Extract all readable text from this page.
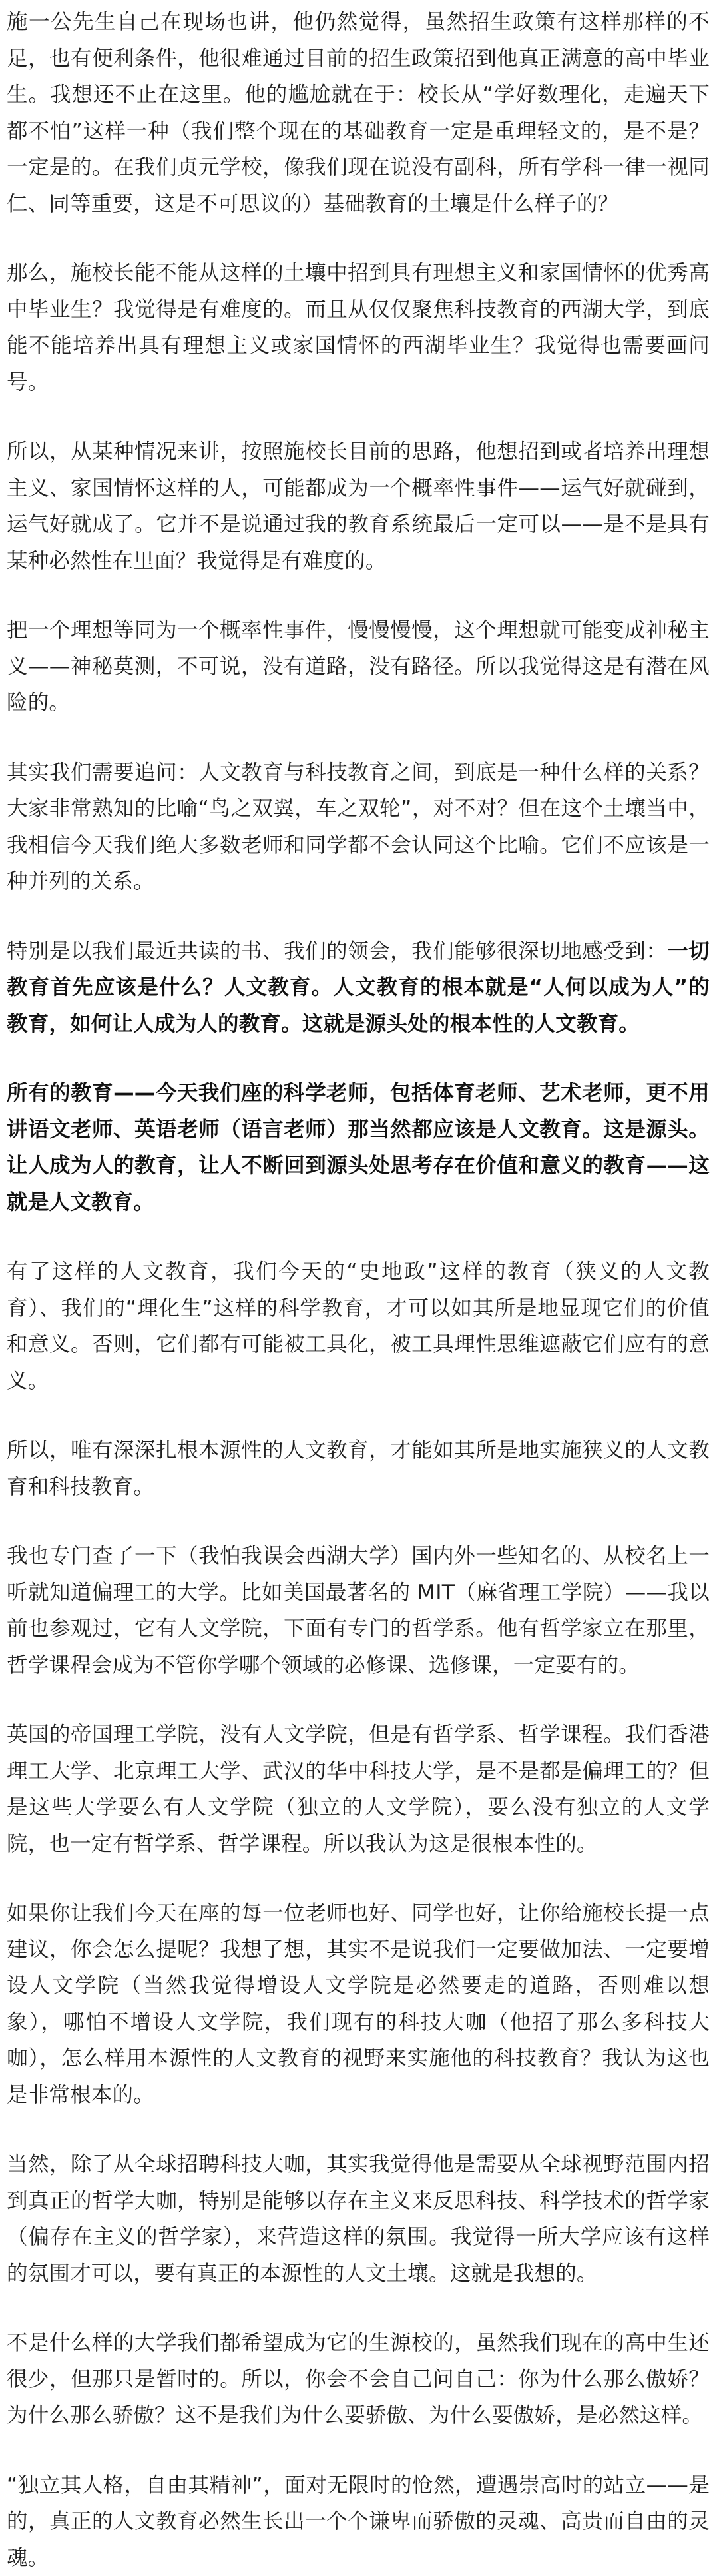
施一公先生自己在现场也讲，他仍然觉得，虽然招生政策有这样那样的不足，也有便利条件，他很难通过目前的招生政策招到他真正满意的高中毕业生。我想还不止在这里。他的尴尬就在于：校长从“学好数理化，走遍天下都不怕”这样一种（我们整个现在的基础教育一定是重理轻文的，是不是？一定是的。在我们贞元学校，像我们现在说没有副科，所有学科一律一视同仁、同等重要，这是不可思议的）基础教育的土壤是什么样子的？

那么，施校长能不能从这样的土壤中招到具有理想主义和家国情怀的优秀高中毕业生？我觉得是有难度的。而且从仅仅聚焦科技教育的西湖大学，到底能不能培养出具有理想主义或家国情怀的西湖毕业生？我觉得也需要画问号。

所以，从某种情况来讲，按照施校长目前的思路，他想招到或者培养出理想主义、家国情怀这样的人，可能都成为一个概率性事件——运气好就碰到，运气好就成了。它并不是说通过我的教育系统最后一定可以——是不是具有某种必然性在里面？我觉得是有难度的。

把一个理想等同为一个概率性事件，慢慢慢慢，这个理想就可能变成神秘主义——神秘莫测，不可说，没有道路，没有路径。所以我觉得这是有潜在风险的。

其实我们需要追问：人文教育与科技教育之间，到底是一种什么样的关系？大家非常熟知的比喻“鸟之双翼，车之双轮”，对不对？但在这个土壤当中，我相信今天我们绝大多数老师和同学都不会认同这个比喻。它们不应该是一种并列的关系。

特别是以我们最近共读的书、我们的领会，我们能够很深切地感受到：一切教育首先应该是什么？人文教育。人文教育的根本就是“人何以成为人”的教育，如何让人成为人的教育。这就是源头处的根本性的人文教育。

所有的教育——今天我们座的科学老师，包括体育老师、艺术老师，更不用讲语文老师、英语老师（语言老师）那当然都应该是人文教育。这是源头。让人成为人的教育，让人不断回到源头处思考存在价值和意义的教育——这就是人文教育。

有了这样的人文教育，我们今天的“史地政”这样的教育（狭义的人文教育）、我们的“理化生”这样的科学教育，才可以如其所是地显现它们的价值和意义。否则，它们都有可能被工具化，被工具理性思维遮蔽它们应有的意义。

所以，唯有深深扎根本源性的人文教育，才能如其所是地实施狭义的人文教育和科技教育。

我也专门查了一下（我怕我误会西湖大学）国内外一些知名的、从校名上一听就知道偏理工的大学。比如美国最著名的 MIT（麻省理工学院）——我以前也参观过，它有人文学院，下面有专门的哲学系。他有哲学家立在那里，哲学课程会成为不管你学哪个领域的必修课、选修课，一定要有的。

英国的帝国理工学院，没有人文学院，但是有哲学系、哲学课程。我们香港理工大学、北京理工大学、武汉的华中科技大学，是不是都是偏理工的？但是这些大学要么有人文学院（独立的人文学院），要么没有独立的人文学院，也一定有哲学系、哲学课程。所以我认为这是很根本性的。

如果你让我们今天在座的每一位老师也好、同学也好，让你给施校长提一点建议，你会怎么提呢？我想了想，其实不是说我们一定要做加法、一定要增设人文学院（当然我觉得增设人文学院是必然要走的道路，否则难以想象），哪怕不增设人文学院，我们现有的科技大咖（他招了那么多科技大咖），怎么样用本源性的人文教育的视野来实施他的科技教育？我认为这也是非常根本的。

当然，除了从全球招聘科技大咖，其实我觉得他是需要从全球视野范围内招到真正的哲学大咖，特别是能够以存在主义来反思科技、科学技术的哲学家（偏存在主义的哲学家），来营造这样的氛围。我觉得一所大学应该有这样的氛围才可以，要有真正的本源性的人文土壤。这就是我想的。

不是什么样的大学我们都希望成为它的生源校的，虽然我们现在的高中生还很少，但那只是暂时的。所以，你会不会自己问自己：你为什么那么傲娇？为什么那么骄傲？这不是我们为什么要骄傲、为什么要傲娇，是必然这样。

“独立其人格，自由其精神”，面对无限时的怆然，遭遇崇高时的站立——是的，真正的人文教育必然生长出一个个谦卑而骄傲的灵魂、高贵而自由的灵魂。
